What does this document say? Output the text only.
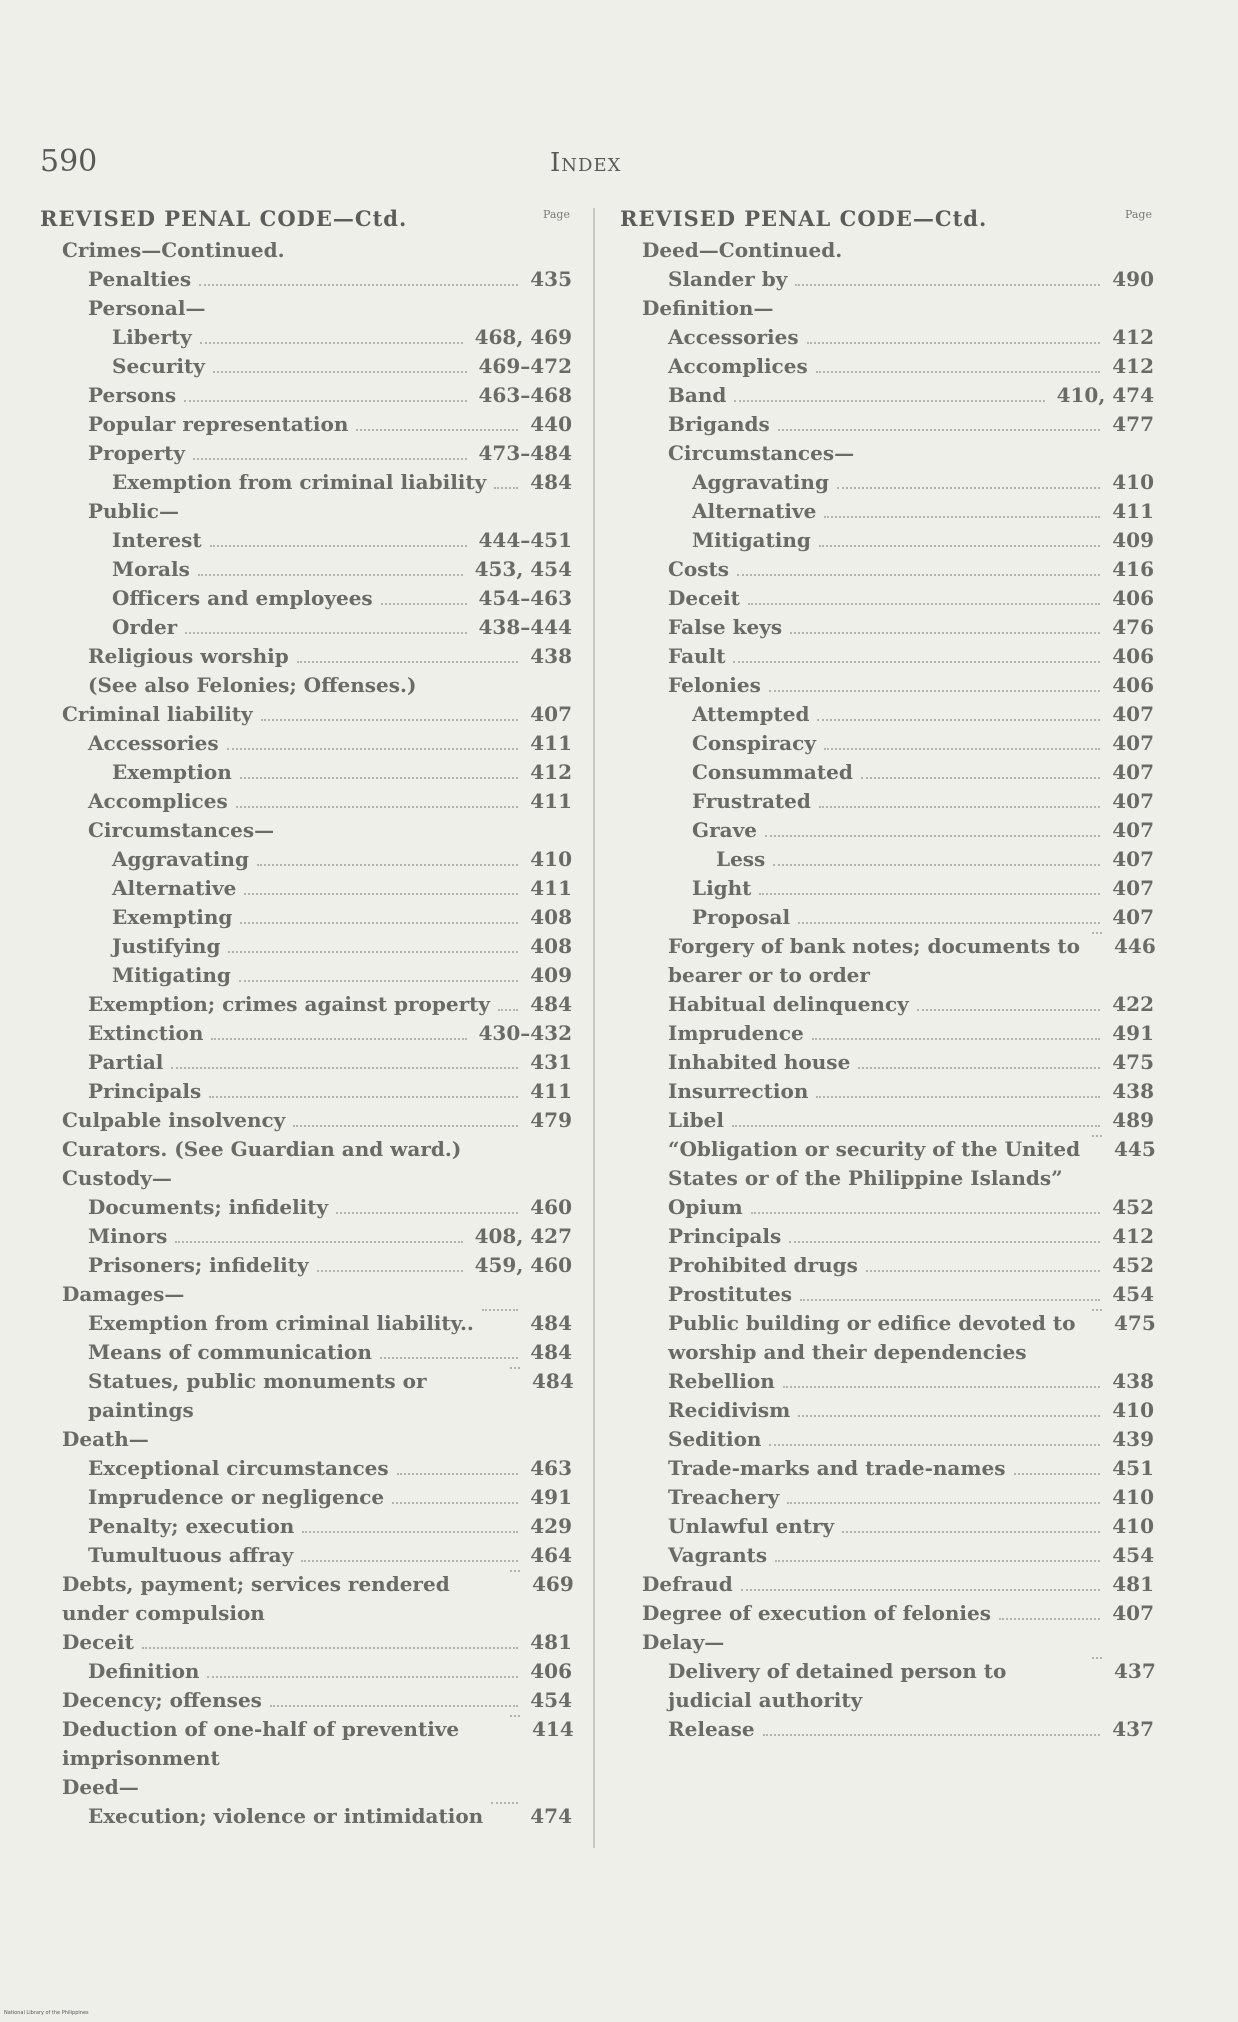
590	Index
REVISED PENAL CODE—Ctd.	Page
Crimes—Continued.
Penalties	435
Personal—
Liberty	468, 469
Security	469–472
Persons	463–468
Popular representation	440
Property	473–484
Exemption from criminal liability 484
Public—
Interest	444–451
Morals	453, 454
Officers and employees	454–463
Order	438–444
Religious worship	438
(See also Felonies; Offenses.)
Criminal liability	407
Accessories	411
Exemption	412
Accomplices	411
Circumstances—
Aggravating	410
Alternative	411
Exempting	408
Justifying	408
Mitigating	409
Exemption; crimes against property 484
Extinction	430–432
Partial	431
Principals	411
Culpable insolvency	479
Curators. (See Guardian and ward.)
Custody—
Documents; infidelity	460
Minors	408, 427
Prisoners; infidelity	459, 460
Damages—
Exemption from criminal liability..	484
Means of communication	484
Statues, public monuments or paintings
484
Death—
Exceptional circumstances	463
Imprudence or negligence	491
Penalty; execution	429
Tumultuous affray	464
Debts, payment; services rendered under compulsion
469
Deceit	481
Definition	406
Decency; offenses	454
Deduction of one-half of preventive imprisonment
414
Deed—
Execution; violence or intimidation 474
REVISED PENAL CODE—Ctd.	Page
Deed—Continued.
Slander by	490
Definition—
Accessories	412
Accomplices	412
Band	410, 474
Brigands	477
Circumstances—
Aggravating	410
Alternative	411
Mitigating	409
Costs	416
Deceit	406
False keys	476
Fault	406
Felonies	406
Attempted	407
Conspiracy	407
Consummated	407
Frustrated	407
Grave	407
Less	407
Light	407
Proposal	407
Forgery of bank notes; documents to bearer or to order
446
Habitual delinquency	422
Imprudence	491
Inhabited house	475
Insurrection	438
Libel	489
“Obligation or security of the United States or of the Philippine Islands”
445
Opium	452
Principals	412
Prohibited drugs	452
Prostitutes	454
Public building or edifice devoted to worship and their dependencies
475
Rebellion	438
Recidivism	410
Sedition	439
Trade-marks and trade-names	451
Treachery	410
Unlawful entry	410
Vagrants	454
Defraud	481
Degree of execution of felonies	407
Delay—
Delivery of detained person to judicial authority
437
Release	437
National Library of the Philippines
